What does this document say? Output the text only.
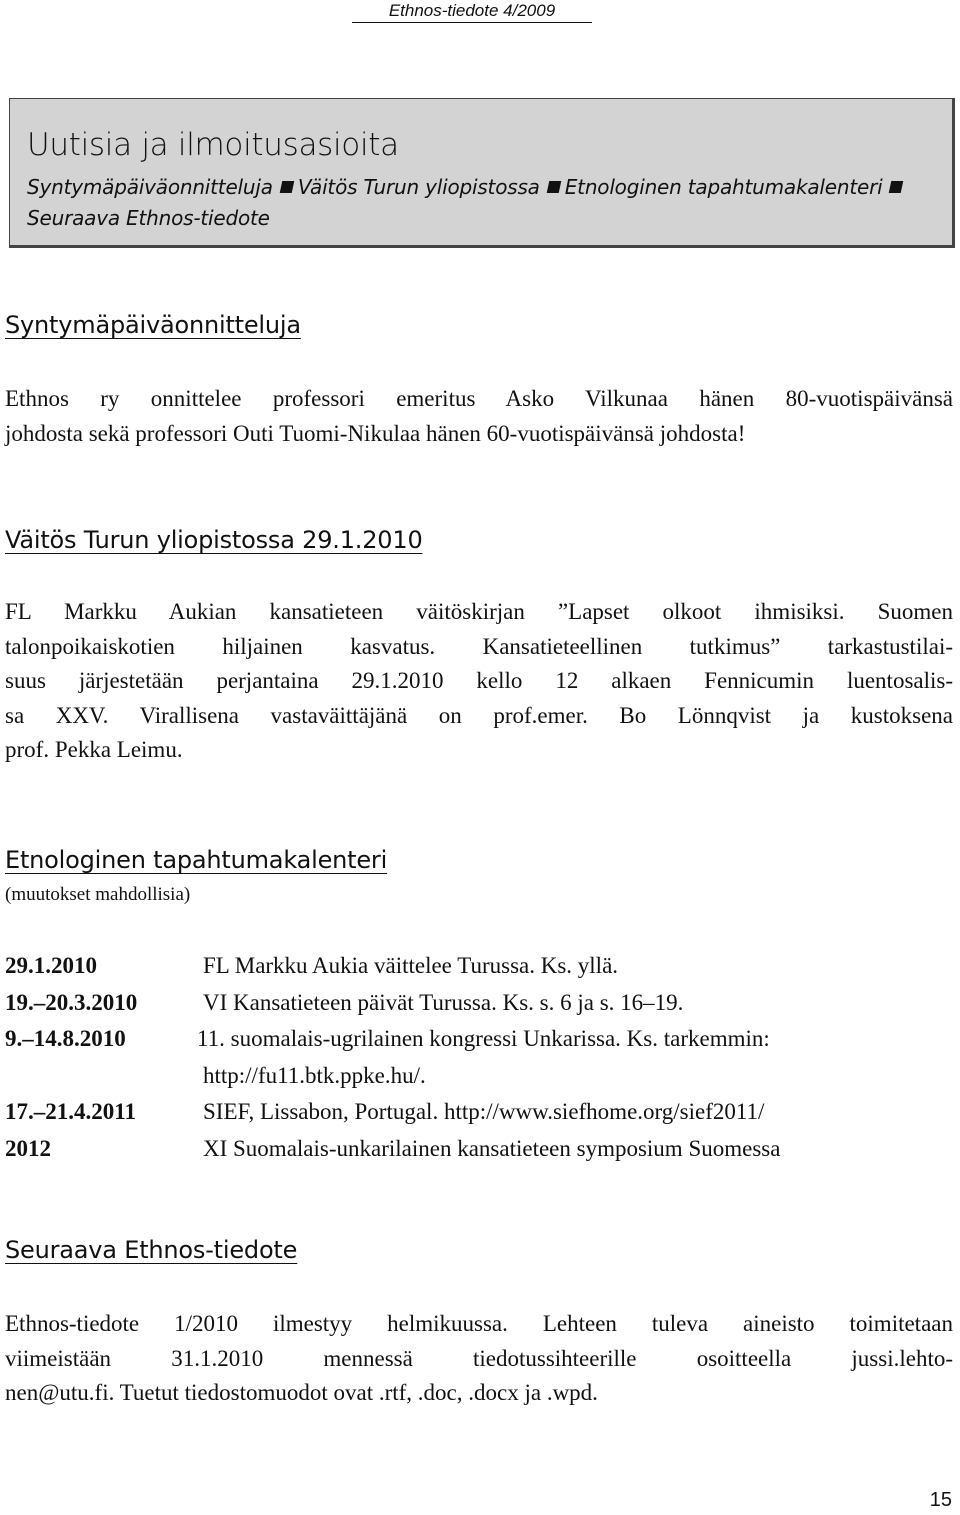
Ethnos-tiedote 4/2009
Uutisia ja ilmoitusasioita
Syntymäpäiväonnitteluja Väitös Turun yliopistossa Etnologinen tapahtumakalenteriSeuraava Ethnos-tiedote
Syntymäpäiväonnitteluja
Ethnos ry onnittelee professori emeritus Asko Vilkunaa hänen 80-vuotispäivänsä
johdosta sekä professori Outi Tuomi-Nikulaa hänen 60-vuotispäivänsä johdosta!
Väitös Turun yliopistossa 29.1.2010
FL Markku Aukian kansatieteen väitöskirjan ”Lapset olkoot ihmisiksi. Suomen
talonpoikaiskotien hiljainen kasvatus. Kansatieteellinen tutkimus” tarkastustilai-
suus järjestetään perjantaina 29.1.2010 kello 12 alkaen Fennicumin luentosalis-
sa XXV. Virallisena vastaväittäjänä on prof.emer. Bo Lönnqvist ja kustoksena
prof. Pekka Leimu.
Etnologinen tapahtumakalenteri
(muutokset mahdollisia)
29.1.2010	FL Markku Aukia väittelee Turussa. Ks. yllä.
19.–20.3.2010	VI Kansatieteen päivät Turussa. Ks. s. 6 ja s. 16–19.
9.–14.8.2010	11. suomalais-ugrilainen kongressi Unkarissa. Ks. tarkemmin:
http://fu11.btk.ppke.hu/.
17.–21.4.2011	SIEF, Lissabon, Portugal. http://www.siefhome.org/sief2011/
2012	XI Suomalais-unkarilainen kansatieteen symposium Suomessa
Seuraava Ethnos-tiedote
Ethnos-tiedote 1/2010 ilmestyy helmikuussa. Lehteen tuleva aineisto toimitetaan
viimeistään 31.1.2010 mennessä tiedotussihteerille osoitteella jussi.lehto-
nen@utu.fi. Tuetut tiedostomuodot ovat .rtf, .doc, .docx ja .wpd.
15
